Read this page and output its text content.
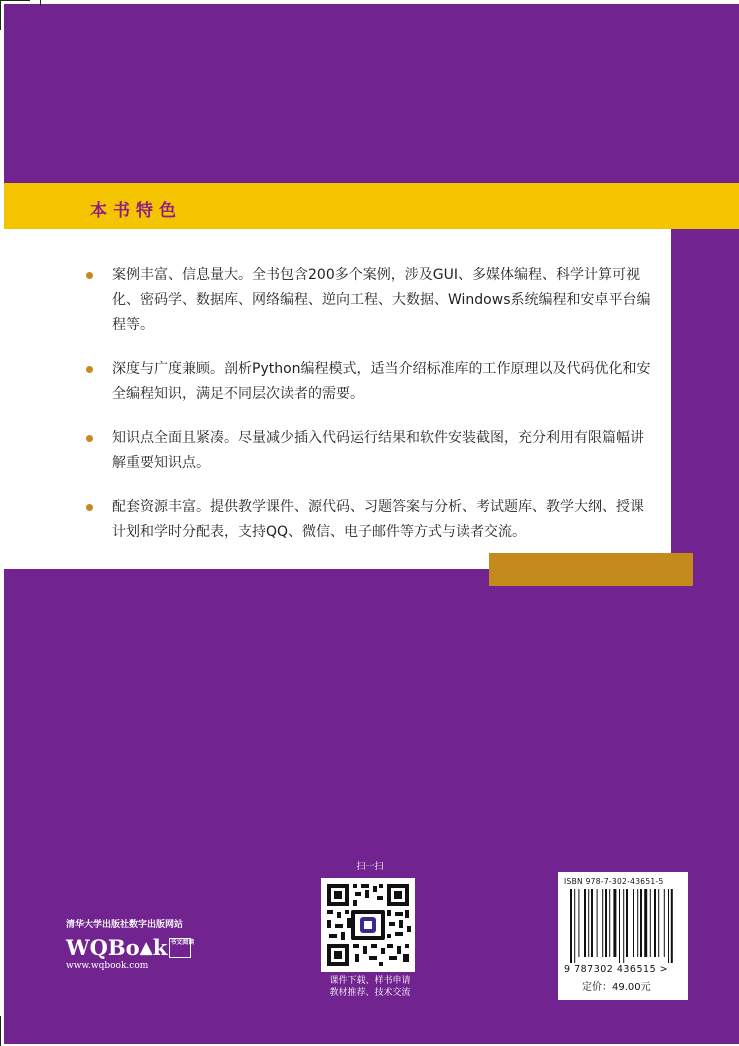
本书特色
案例丰富、信息量大。全书包含200多个案例，涉及GUI、多媒体编程、科学计算可视化、密码学、数据库、网络编程、逆向工程、大数据、Windows系统编程和安卓平台编程等。
深度与广度兼顾。剖析Python编程模式，适当介绍标准库的工作原理以及代码优化和安全编程知识，满足不同层次读者的需要。
知识点全面且紧凑。尽量减少插入代码运行结果和软件安装截图，充分利用有限篇幅讲解重要知识点。
配套资源丰富。提供教学课件、源代码、习题答案与分析、考试题库、教学大纲、授课计划和学时分配表，支持QQ、微信、电子邮件等方式与读者交流。
清华大学出版社数字出版网站
WQBo ▲ k 书文阅读
www.wqbook.com
扫一扫
课件下载、样书申请
教材推荐、技术交流
ISBN 978-7-302-43651-5
9 787302 436515 >
定价：49.00元
